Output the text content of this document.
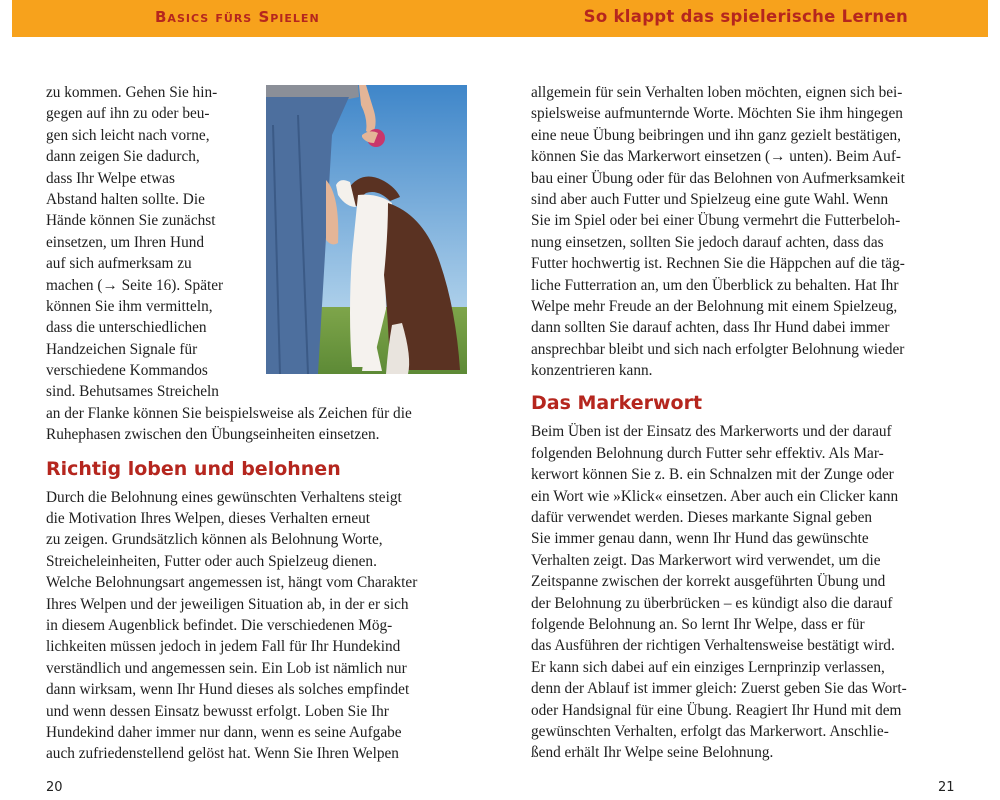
Basics fürs Spielen	So klappt das spielerische Lernen
zu kommen. Gehen Sie hin-
gegen auf ihn zu oder beu-
gen sich leicht nach vorne,
dann zeigen Sie dadurch,
dass Ihr Welpe etwas
Abstand halten sollte. Die
Hände können Sie zunächst
einsetzen, um Ihren Hund
auf sich aufmerksam zu
machen (→ Seite 16). Später
können Sie ihm vermitteln,
dass die unterschiedlichen
Handzeichen Signale für
verschiedene Kommandos
sind. Behutsames Streicheln
an der Flanke können Sie beispielsweise als Zeichen für die
Ruhephasen zwischen den Übungseinheiten einsetzen.
Richtig loben und belohnen
Durch die Belohnung eines gewünschten Verhaltens steigt
die Motivation Ihres Welpen, dieses Verhalten erneut
zu zeigen. Grundsätzlich können als Belohnung Worte,
Streicheleinheiten, Futter oder auch Spielzeug dienen.
Welche Belohnungsart angemessen ist, hängt vom Charakter
Ihres Welpen und der jeweiligen Situation ab, in der er sich
in diesem Augenblick befindet. Die verschiedenen Mög-
lichkeiten müssen jedoch in jedem Fall für Ihr Hundekind
verständlich und angemessen sein. Ein Lob ist nämlich nur
dann wirksam, wenn Ihr Hund dieses als solches empfindet
und wenn dessen Einsatz bewusst erfolgt. Loben Sie Ihr
Hundekind daher immer nur dann, wenn es seine Aufgabe
auch zufriedenstellend gelöst hat. Wenn Sie Ihren Welpen
allgemein für sein Verhalten loben möchten, eignen sich bei-
spielsweise aufmunternde Worte. Möchten Sie ihm hingegen
eine neue Übung beibringen und ihn ganz gezielt bestätigen,
können Sie das Markerwort einsetzen (→ unten). Beim Auf-
bau einer Übung oder für das Belohnen von Aufmerksamkeit
sind aber auch Futter und Spielzeug eine gute Wahl. Wenn
Sie im Spiel oder bei einer Übung vermehrt die Futterbeloh-
nung einsetzen, sollten Sie jedoch darauf achten, dass das
Futter hochwertig ist. Rechnen Sie die Häppchen auf die täg-
liche Futterration an, um den Überblick zu behalten. Hat Ihr
Welpe mehr Freude an der Belohnung mit einem Spielzeug,
dann sollten Sie darauf achten, dass Ihr Hund dabei immer
ansprechbar bleibt und sich nach erfolgter Belohnung wieder
konzentrieren kann.
Das Markerwort
Beim Üben ist der Einsatz des Markerworts und der darauf
folgenden Belohnung durch Futter sehr effektiv. Als Mar-
kerwort können Sie z. B. ein Schnalzen mit der Zunge oder
ein Wort wie »Klick« einsetzen. Aber auch ein Clicker kann
dafür verwendet werden. Dieses markante Signal geben
Sie immer genau dann, wenn Ihr Hund das gewünschte
Verhalten zeigt. Das Markerwort wird verwendet, um die
Zeitspanne zwischen der korrekt ausgeführten Übung und
der Belohnung zu überbrücken – es kündigt also die darauf
folgende Belohnung an. So lernt Ihr Welpe, dass er für
das Ausführen der richtigen Verhaltensweise bestätigt wird.
Er kann sich dabei auf ein einziges Lernprinzip verlassen,
denn der Ablauf ist immer gleich: Zuerst geben Sie das Wort-
oder Handsignal für eine Übung. Reagiert Ihr Hund mit dem
gewünschten Verhalten, erfolgt das Markerwort. Anschlie-
ßend erhält Ihr Welpe seine Belohnung.
20	21
